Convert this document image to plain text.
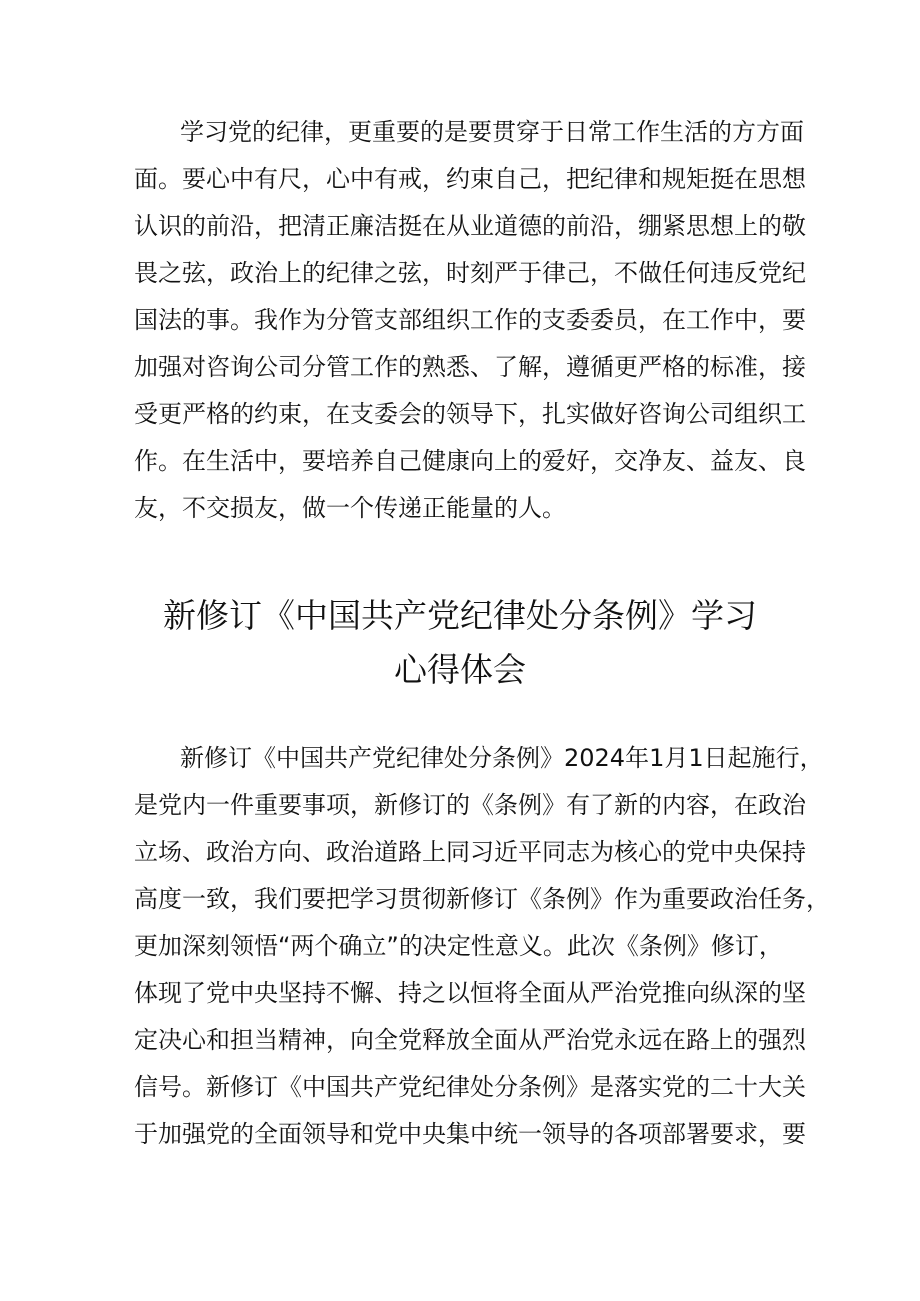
学习党的纪律，更重要的是要贯穿于日常工作生活的方方面
面。要心中有尺，心中有戒，约束自己，把纪律和规矩挺在思想
认识的前沿，把清正廉洁挺在从业道德的前沿，绷紧思想上的敬
畏之弦，政治上的纪律之弦，时刻严于律己，不做任何违反党纪
国法的事。我作为分管支部组织工作的支委委员，在工作中，要
加强对咨询公司分管工作的熟悉、了解，遵循更严格的标准，接
受更严格的约束，在支委会的领导下，扎实做好咨询公司组织工
作。在生活中，要培养自己健康向上的爱好，交净友、益友、良
友，不交损友，做一个传递正能量的人。
新修订《中国共产党纪律处分条例》学习
心得体会
新修订《中国共产党纪律处分条例》2024年1月1日起施行，
是党内一件重要事项，新修订的《条例》有了新的内容，在政治
立场、政治方向、政治道路上同习近平同志为核心的党中央保持
高度一致，我们要把学习贯彻新修订《条例》作为重要政治任务，
更加深刻领悟“两个确立”的决定性意义。此次《条例》修订，
体现了党中央坚持不懈、持之以恒将全面从严治党推向纵深的坚
定决心和担当精神，向全党释放全面从严治党永远在路上的强烈
信号。新修订《中国共产党纪律处分条例》是落实党的二十大关
于加强党的全面领导和党中央集中统一领导的各项部署要求，要
